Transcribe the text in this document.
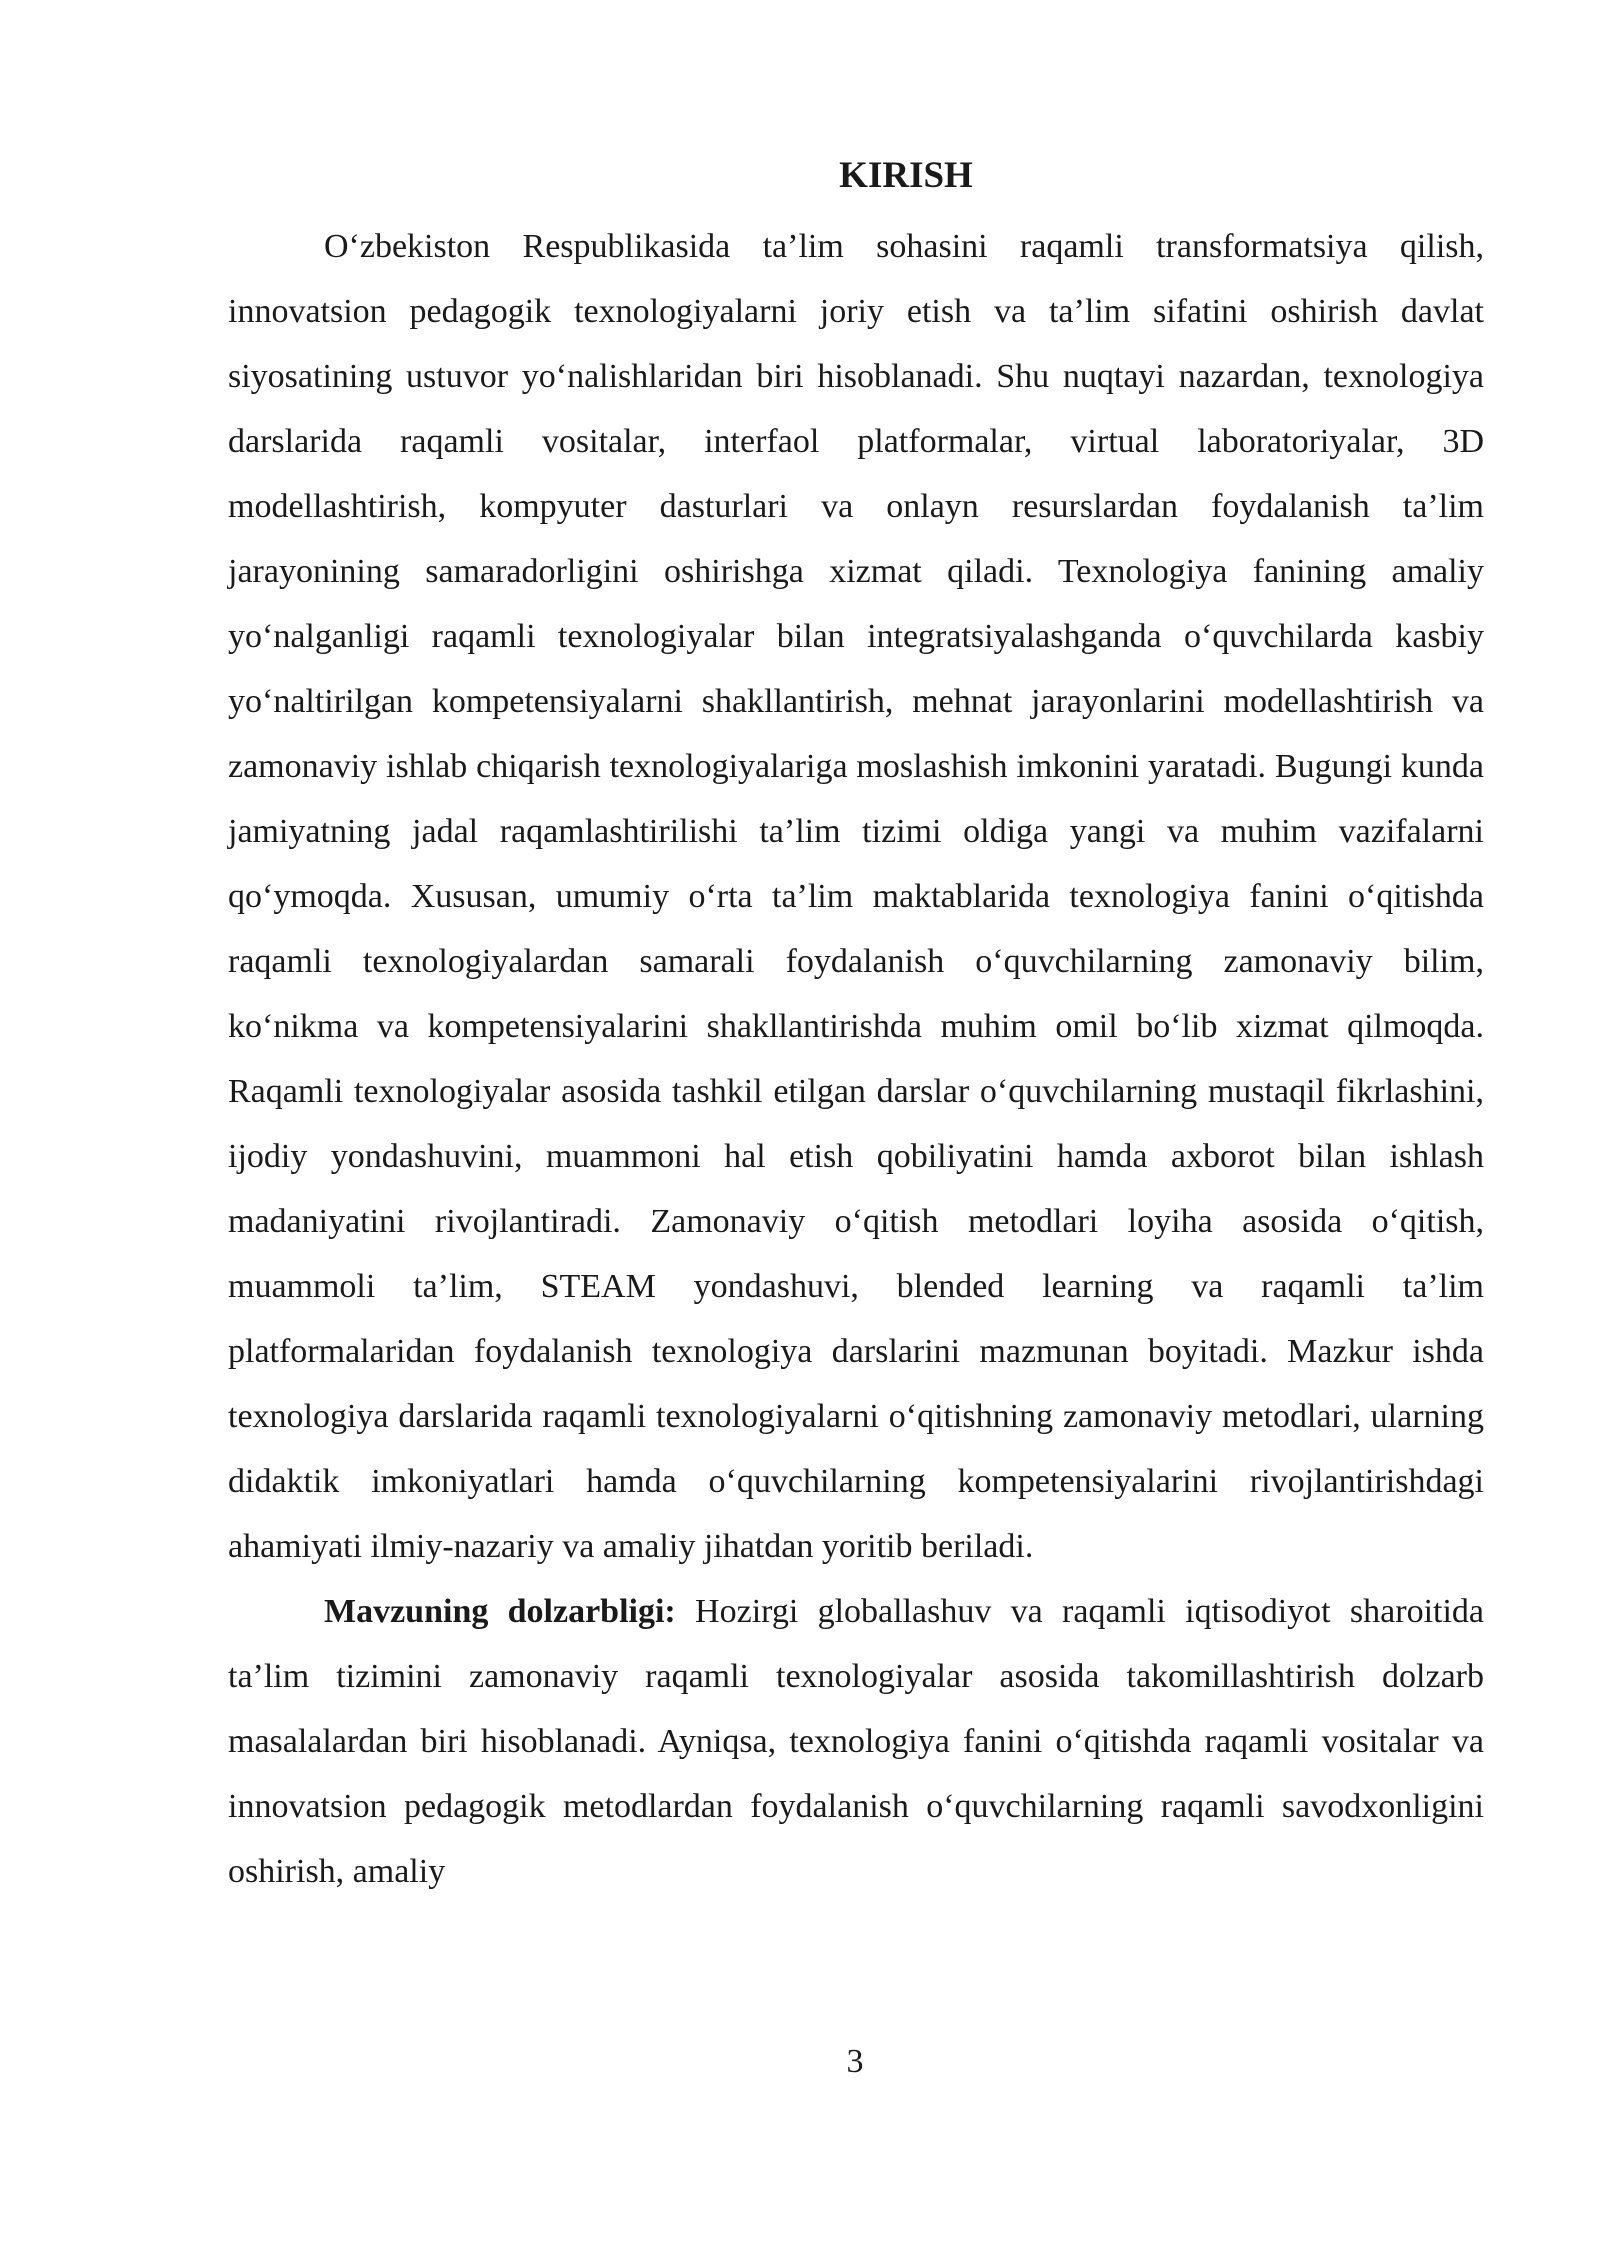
KIRISH

O‘zbekiston Respublikasida ta’lim sohasini raqamli transformatsiya qilish, innovatsion pedagogik texnologiyalarni joriy etish va ta’lim sifatini oshirish davlat siyosatining ustuvor yo‘nalishlaridan biri hisoblanadi. Shu nuqtayi nazardan, texnologiya darslarida raqamli vositalar, interfaol platformalar, virtual laboratoriyalar, 3D modellashtirish, kompyuter dasturlari va onlayn resurslardan foydalanish ta’lim jarayonining samaradorligini oshirishga xizmat qiladi. Texnologiya fanining amaliy yo‘nalganligi raqamli texnologiyalar bilan integratsiyalashganda o‘quvchilarda kasbiy yo‘naltirilgan kompetensiyalarni shakllantirish, mehnat jarayonlarini modellashtirish va zamonaviy ishlab chiqarish texnologiyalariga moslashish imkonini yaratadi. Bugungi kunda jamiyatning jadal raqamlashtirilishi ta’lim tizimi oldiga yangi va muhim vazifalarni qo‘ymoqda. Xususan, umumiy o‘rta ta’lim maktablarida texnologiya fanini o‘qitishda raqamli texnologiyalardan samarali foydalanish o‘quvchilarning zamonaviy bilim, ko‘nikma va kompetensiyalarini shakllantirishda muhim omil bo‘lib xizmat qilmoqda. Raqamli texnologiyalar asosida tashkil etilgan darslar o‘quvchilarning mustaqil fikrlashini, ijodiy yondashuvini, muammoni hal etish qobiliyatini hamda axborot bilan ishlash madaniyatini rivojlantiradi. Zamonaviy o‘qitish metodlari loyiha asosida o‘qitish, muammoli ta’lim, STEAM yondashuvi, blended learning va raqamli ta’lim platformalaridan foydalanish texnologiya darslarini mazmunan boyitadi. Mazkur ishda texnologiya darslarida raqamli texnologiyalarni o‘qitishning zamonaviy metodlari, ularning didaktik imkoniyatlari hamda o‘quvchilarning kompetensiyalarini rivojlantirishdagi ahamiyati ilmiy-nazariy va amaliy jihatdan yoritib beriladi.

Mavzuning dolzarbligi: Hozirgi globallashuv va raqamli iqtisodiyot sharoitida ta’lim tizimini zamonaviy raqamli texnologiyalar asosida takomillashtirish dolzarb masalalardan biri hisoblanadi. Ayniqsa, texnologiya fanini o‘qitishda raqamli vositalar va innovatsion pedagogik metodlardan foydalanish o‘quvchilarning raqamli savodxonligini oshirish, amaliy

3
